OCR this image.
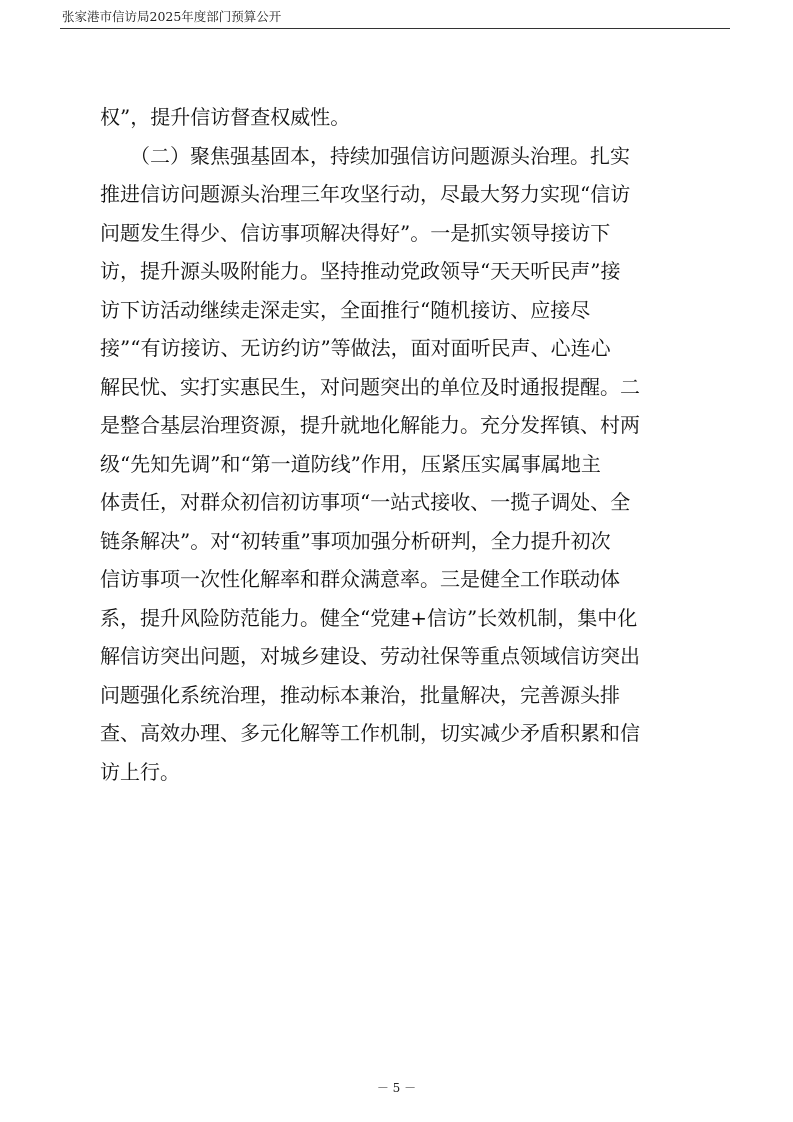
张家港市信访局2025年度部门预算公开
权”，提升信访督查权威性。
（二）聚焦强基固本，持续加强信访问题源头治理。扎实
推进信访问题源头治理三年攻坚行动，尽最大努力实现“信访
问题发生得少、信访事项解决得好”。一是抓实领导接访下
访，提升源头吸附能力。坚持推动党政领导“天天听民声”接
访下访活动继续走深走实，全面推行“随机接访、应接尽
接”“有访接访、无访约访”等做法，面对面听民声、心连心
解民忧、实打实惠民生，对问题突出的单位及时通报提醒。二
是整合基层治理资源，提升就地化解能力。充分发挥镇、村两
级“先知先调”和“第一道防线”作用，压紧压实属事属地主
体责任，对群众初信初访事项“一站式接收、一揽子调处、全
链条解决”。对“初转重”事项加强分析研判，全力提升初次
信访事项一次性化解率和群众满意率。三是健全工作联动体
系，提升风险防范能力。健全“党建+信访”长效机制，集中化
解信访突出问题，对城乡建设、劳动社保等重点领域信访突出
问题强化系统治理，推动标本兼治，批量解决，完善源头排
查、高效办理、多元化解等工作机制，切实减少矛盾积累和信
访上行。
－ 5 －
